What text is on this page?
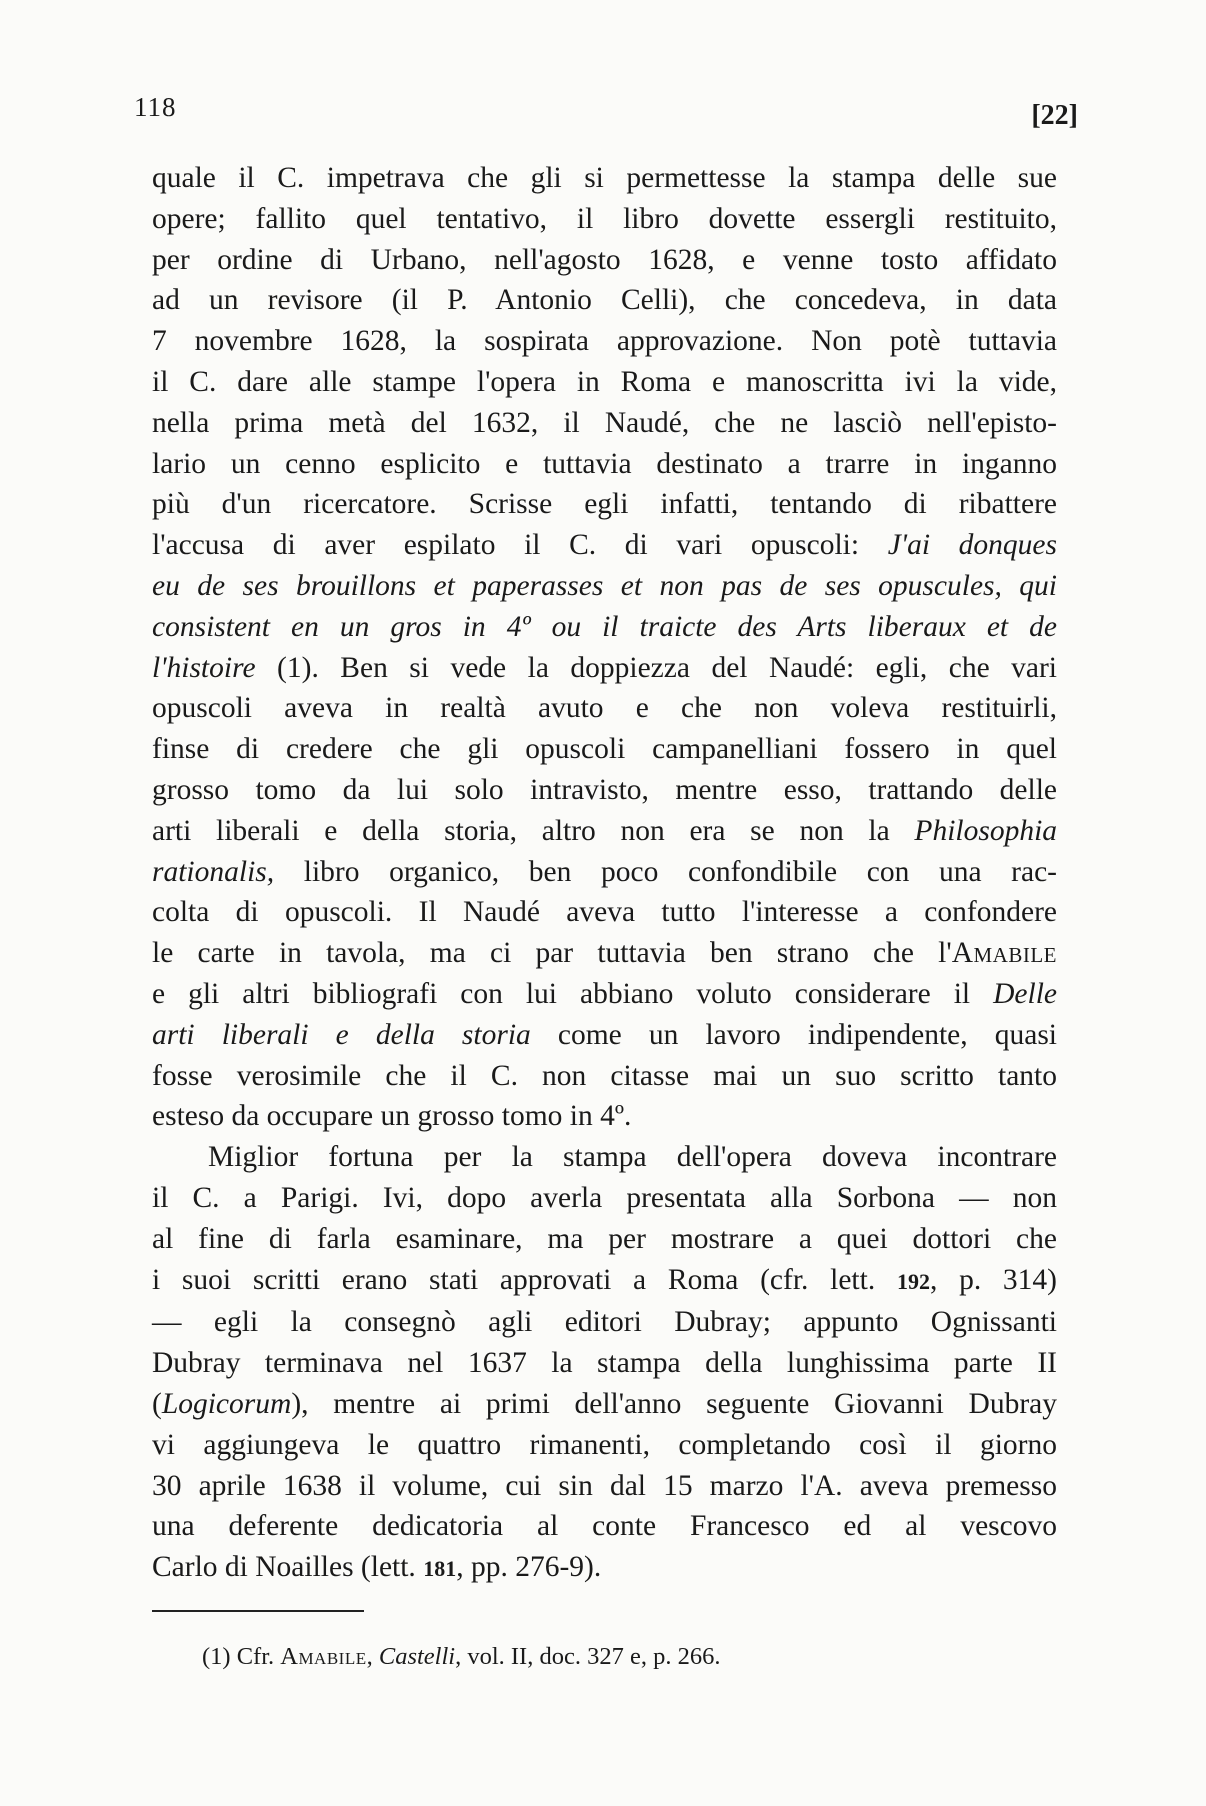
118	[22]
quale il C. impetrava che gli si permettesse la stampa delle sue
opere; fallito quel tentativo, il libro dovette essergli restituito,
per ordine di Urbano, nell'agosto 1628, e venne tosto affidato
ad un revisore (il P. Antonio Celli), che concedeva, in data
7 novembre 1628, la sospirata approvazione. Non potè tuttavia
il C. dare alle stampe l'opera in Roma e manoscritta ivi la vide,
nella prima metà del 1632, il Naudé, che ne lasciò nell'episto-
lario un cenno esplicito e tuttavia destinato a trarre in inganno
più d'un ricercatore. Scrisse egli infatti, tentando di ribattere
l'accusa di aver espilato il C. di vari opuscoli: J'ai donques
eu de ses brouillons et paperasses et non pas de ses opuscules, qui
consistent en un gros in 4º ou il traicte des Arts liberaux et de
l'histoire (1). Ben si vede la doppiezza del Naudé: egli, che vari
opuscoli aveva in realtà avuto e che non voleva restituirli,
finse di credere che gli opuscoli campanelliani fossero in quel
grosso tomo da lui solo intravisto, mentre esso, trattando delle
arti liberali e della storia, altro non era se non la Philosophia
rationalis, libro organico, ben poco confondibile con una rac-
colta di opuscoli. Il Naudé aveva tutto l'interesse a confondere
le carte in tavola, ma ci par tuttavia ben strano che l'Amabile
e gli altri bibliografi con lui abbiano voluto considerare il Delle
arti liberali e della storia come un lavoro indipendente, quasi
fosse verosimile che il C. non citasse mai un suo scritto tanto
esteso da occupare un grosso tomo in 4º.
Miglior fortuna per la stampa dell'opera doveva incontrare
il C. a Parigi. Ivi, dopo averla presentata alla Sorbona — non
al fine di farla esaminare, ma per mostrare a quei dottori che
i suoi scritti erano stati approvati a Roma (cfr. lett. 192, p. 314)
— egli la consegnò agli editori Dubray; appunto Ognissanti
Dubray terminava nel 1637 la stampa della lunghissima parte II
(Logicorum), mentre ai primi dell'anno seguente Giovanni Dubray
vi aggiungeva le quattro rimanenti, completando così il giorno
30 aprile 1638 il volume, cui sin dal 15 marzo l'A. aveva premesso
una deferente dedicatoria al conte Francesco ed al vescovo
Carlo di Noailles (lett. 181, pp. 276-9).
(1) Cfr. Amabile, Castelli, vol. II, doc. 327 e, p. 266.
